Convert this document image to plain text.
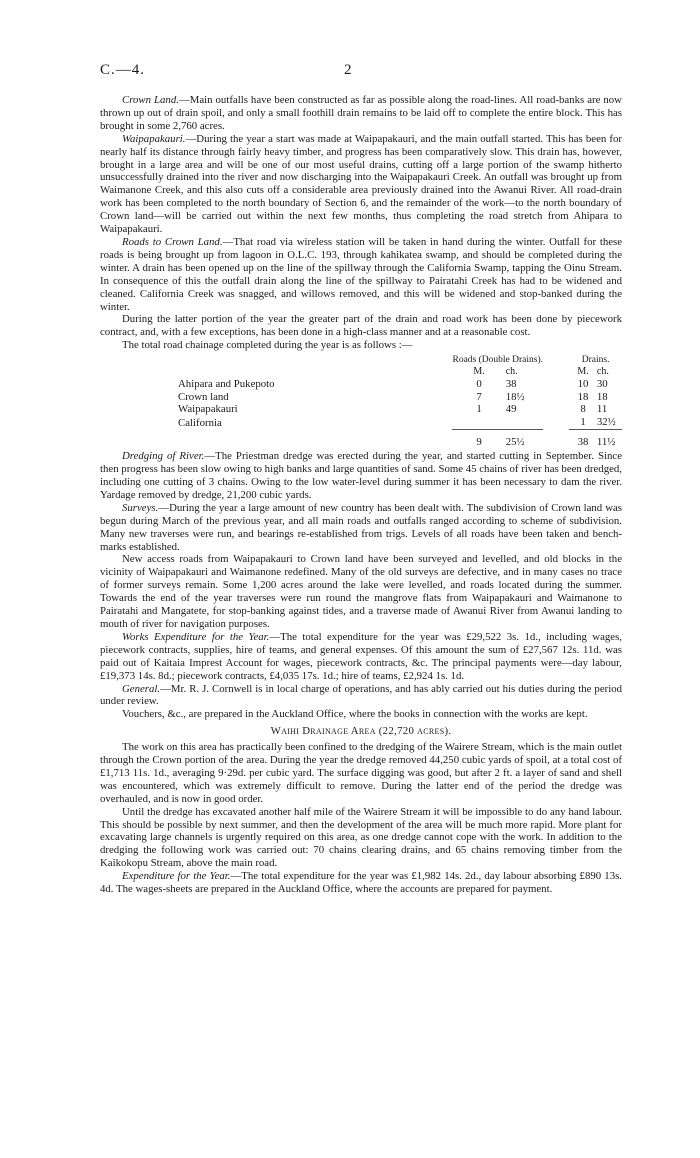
C.—4.	2

Crown Land.—Main outfalls have been constructed as far as possible along the road-lines. All road-banks are now thrown up out of drain spoil, and only a small foothill drain remains to be laid off to complete the entire block. This has brought in some 2,760 acres.

Waipapakauri.—During the year a start was made at Waipapakauri, and the main outfall started. This has been for nearly half its distance through fairly heavy timber, and progress has been comparatively slow. This drain has, however, brought in a large area and will be one of our most useful drains, cutting off a large portion of the swamp hitherto unsuccessfully drained into the river and now discharging into the Waipapakauri Creek. An outfall was brought up from Waimanone Creek, and this also cuts off a considerable area previously drained into the Awanui River. All road-drain work has been completed to the north boundary of Section 6, and the remainder of the work—to the north boundary of Crown land—will be carried out within the next few months, thus completing the road stretch from Ahipara to Waipapakauri.

Roads to Crown Land.—That road via wireless station will be taken in hand during the winter. Outfall for these roads is being brought up from lagoon in O.L.C. 193, through kahikatea swamp, and should be completed during the winter. A drain has been opened up on the line of the spillway through the California Swamp, tapping the Oinu Stream. In consequence of this the outfall drain along the line of the spillway to Pairatahi Creek has had to be widened and cleaned. California Creek was snagged, and willows removed, and this will be widened and stop-banked during the winter.

During the latter portion of the year the greater part of the drain and road work has been done by piecework contract, and, with a few exceptions, has been done in a high-class manner and at a reasonable cost.

The total road chainage completed during the year is as follows :—

	Roads (Double Drains).			Drains.	
	M.	ch.		M.	ch.
Ahipara and Pukepoto	0	38		10	30
Crown land	7	18½		18	18
Waipapakauri	1	49		8	11
California				1	32½

	9	25½		38	11½

Dredging of River.—The Priestman dredge was erected during the year, and started cutting in September. Since then progress has been slow owing to high banks and large quantities of sand. Some 45 chains of river has been dredged, including one cutting of 3 chains. Owing to the low water-level during summer it has been necessary to dam the river. Yardage removed by dredge, 21,200 cubic yards.

Surveys.—During the year a large amount of new country has been dealt with. The subdivision of Crown land was begun during March of the previous year, and all main roads and outfalls ranged according to scheme of subdivision. Many new traverses were run, and bearings re-established from trigs. Levels of all roads have been taken and bench-marks established.

New access roads from Waipapakauri to Crown land have been surveyed and levelled, and old blocks in the vicinity of Waipapakauri and Waimanone redefined. Many of the old surveys are defective, and in many cases no trace of former surveys remain. Some 1,200 acres around the lake were levelled, and roads located during the summer. Towards the end of the year traverses were run round the mangrove flats from Waipapakauri and Waimanone to Pairatahi and Mangatete, for stop-banking against tides, and a traverse made of Awanui River from Awanui landing to mouth of river for navigation purposes.

Works Expenditure for the Year.—The total expenditure for the year was £29,522 3s. 1d., including wages, piecework contracts, supplies, hire of teams, and general expenses. Of this amount the sum of £27,567 12s. 11d. was paid out of Kaitaia Imprest Account for wages, piecework contracts, &c. The principal payments were—day labour, £19,373 14s. 8d.; piecework contracts, £4,035 17s. 1d.; hire of teams, £2,924 1s. 1d.

General.—Mr. R. J. Cornwell is in local charge of operations, and has ably carried out his duties during the period under review.

Vouchers, &c., are prepared in the Auckland Office, where the books in connection with the works are kept.

Waihi Drainage Area (22,720 acres).

The work on this area has practically been confined to the dredging of the Wairere Stream, which is the main outlet through the Crown portion of the area. During the year the dredge removed 44,250 cubic yards of spoil, at a total cost of £1,713 11s. 1d., averaging 9·29d. per cubic yard. The surface digging was good, but after 2 ft. a layer of sand and shell was encountered, which was extremely difficult to remove. During the latter end of the period the dredge was overhauled, and is now in good order.

Until the dredge has excavated another half mile of the Wairere Stream it will be impossible to do any hand labour. This should be possible by next summer, and then the development of the area will be much more rapid. More plant for excavating large channels is urgently required on this area, as one dredge cannot cope with the work. In addition to the dredging the following work was carried out: 70 chains clearing drains, and 65 chains removing timber from the Kaikokopu Stream, above the main road.

Expenditure for the Year.—The total expenditure for the year was £1,982 14s. 2d., day labour absorbing £890 13s. 4d. The wages-sheets are prepared in the Auckland Office, where the accounts are prepared for payment.
